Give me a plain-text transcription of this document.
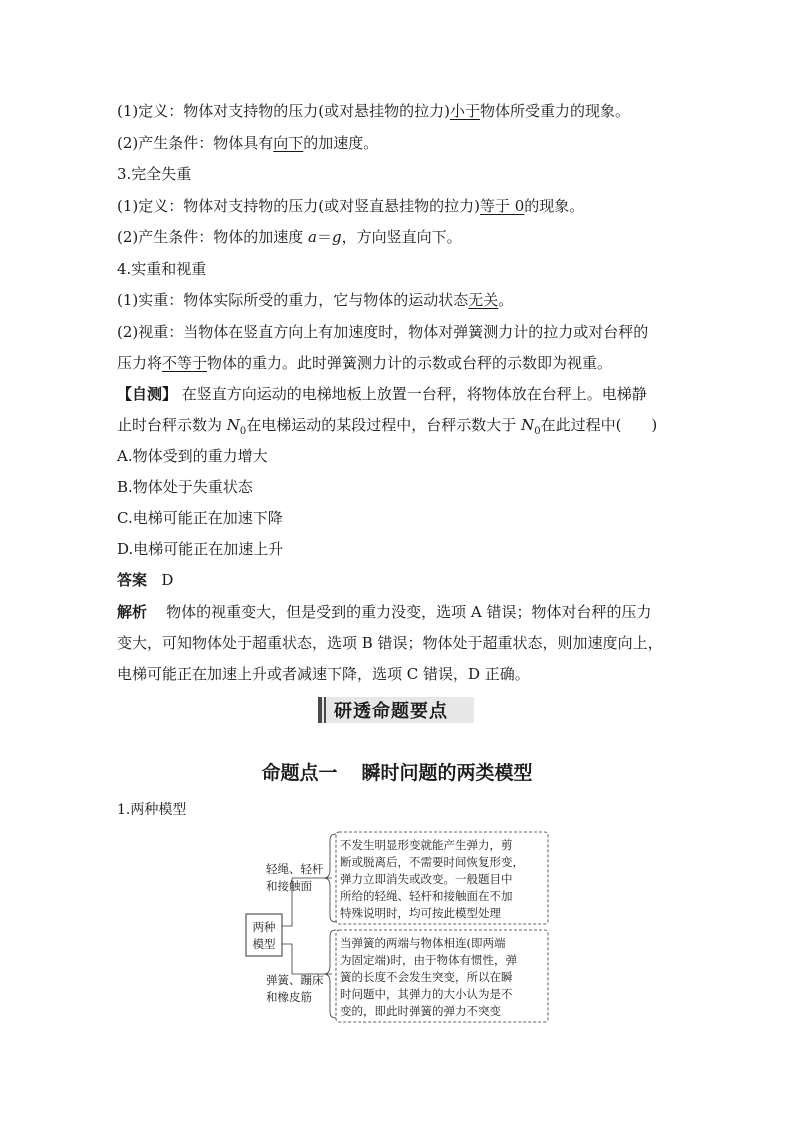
(1)定义：物体对支持物的压力(或对悬挂物的拉力)小于物体所受重力的现象。
(2)产生条件：物体具有向下的加速度。
3.完全失重
(1)定义：物体对支持物的压力(或对竖直悬挂物的拉力)等于 0的现象。
(2)产生条件：物体的加速度 a＝g，方向竖直向下。
4.实重和视重
(1)实重：物体实际所受的重力，它与物体的运动状态无关。
(2)视重：当物体在竖直方向上有加速度时，物体对弹簧测力计的拉力或对台秤的
压力将不等于物体的重力。此时弹簧测力计的示数或台秤的示数即为视重。
【自测】 在竖直方向运动的电梯地板上放置一台秤，将物体放在台秤上。电梯静
止时台秤示数为 $N_0$在电梯运动的某段过程中，台秤示数大于 $N_0$在此过程中(　　)
A.物体受到的重力增大
B.物体处于失重状态
C.电梯可能正在加速下降
D.电梯可能正在加速上升
答案 D
解析 物体的视重变大，但是受到的重力没变，选项 A 错误；物体对台秤的压力
变大，可知物体处于超重状态，选项 B 错误；物体处于超重状态，则加速度向上，
电梯可能正在加速上升或者减速下降，选项 C 错误，D 正确。
研透命题要点
命题点一 瞬时问题的两类模型
1.两种模型
两种
模型
轻绳、轻杆
和接触面
弹簧、蹦床
和橡皮筋
不发生明显形变就能产生弹力，剪
断或脱离后，不需要时间恢复形变，
弹力立即消失或改变。一般题目中
所给的轻绳、轻杆和接触面在不加
特殊说明时，均可按此模型处理
当弹簧的两端与物体相连(即两端
为固定端)时，由于物体有惯性，弹
簧的长度不会发生突变，所以在瞬
时问题中，其弹力的大小认为是不
变的，即此时弹簧的弹力不突变
